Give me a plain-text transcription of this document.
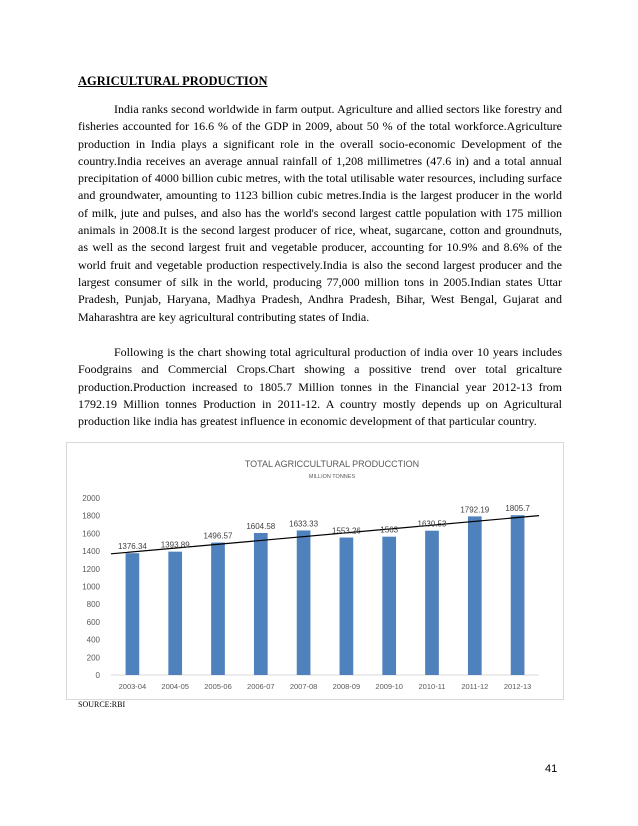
AGRICULTURAL PRODUCTION

India ranks second worldwide in farm output. Agriculture and allied sectors like forestry and fisheries accounted for 16.6 % of the GDP in 2009, about 50 % of the total workforce.Agriculture production in India plays a significant role in the overall socio-economic Development of the country.India receives an average annual rainfall of 1,208 millimetres (47.6 in) and a total annual precipitation of 4000 billion cubic metres, with the total utilisable water resources, including surface and groundwater, amounting to 1123 billion cubic metres.India is the largest producer in the world of milk, jute and pulses, and also has the world's second largest cattle population with 175 million animals in 2008.It is the second largest producer of rice, wheat, sugarcane, cotton and groundnuts, as well as the second largest fruit and vegetable producer, accounting for 10.9% and 8.6% of the world fruit and vegetable production respectively.India is also the second largest producer and the largest consumer of silk in the world, producing 77,000 million tons in 2005.Indian states Uttar Pradesh, Punjab, Haryana, Madhya Pradesh, Andhra Pradesh, Bihar, West Bengal, Gujarat and Maharashtra are key agricultural contributing states of India.

Following is the chart showing total agricultural production of india over 10 years includes Foodgrains and Commercial Crops.Chart showing a possitive trend over total gricalture production.Production increased to 1805.7 Million tonnes in the Financial year 2012-13 from 1792.19 Million tonnes Production in 2011-12. A country mostly depends up on Agricultural production like india has greatest influence in economic development of that particular country.

TOTAL AGRICCULTURAL PRODUCCTION
MILLION TONNES
0
200
400
600
800
1000
1200
1400
1600
1800
2000
1376.34 1393.89
1496.57
1604.58 1633.33
1553.26 1563
1630.53
1792.19 1805.7
2003-04 2004-05 2005-06 2006-07 2007-08 2008-09 2009-10 2010-11 2011-12 2012-13
SOURCE:RBI
41
